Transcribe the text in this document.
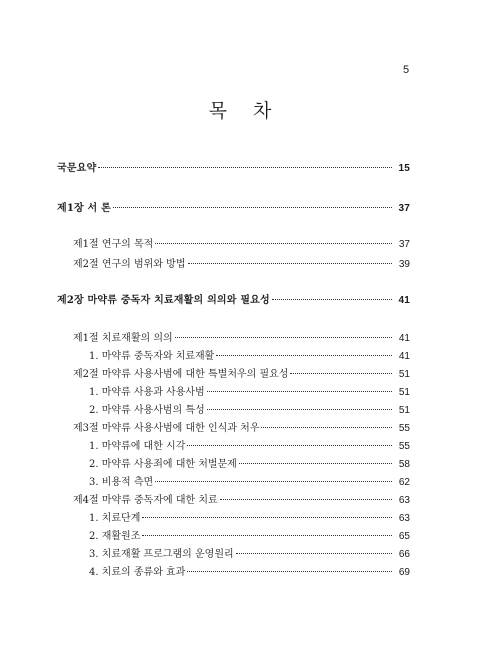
5
목 차
국문요약	15
제1장 서 론	37
제1절 연구의 목적	37
제2절 연구의 범위와 방법	39
제2장 마약류 중독자 치료재활의 의의와 필요성	41
제1절 치료재활의 의의	41
1. 마약류 중독자와 치료재활	41
제2절 마약류 사용사범에 대한 특별처우의 필요성	51
1. 마약류 사용과 사용사범	51
2. 마약류 사용사범의 특성	51
제3절 마약류 사용사범에 대한 인식과 처우	55
1. 마약류에 대한 시각	55
2. 마약류 사용죄에 대한 처벌문제	58
3. 비용적 측면	62
제4절 마약류 중독자에 대한 치료	63
1. 치료단계	63
2. 재활원조	65
3. 치료재활 프로그램의 운영원리	66
4. 치료의 종류와 효과	69
